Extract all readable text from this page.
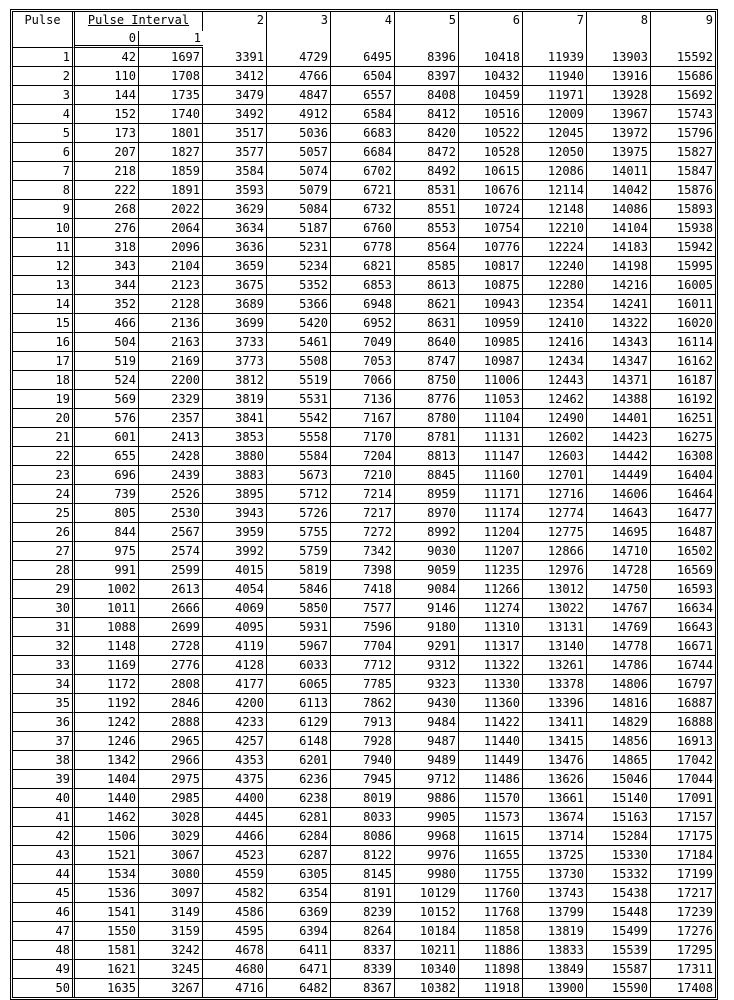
Pulse	Pulse Interval		2	3	4	5	6	7	8	9
	0	1								
1	42	1697	3391	4729	6495	8396	10418	11939	13903	15592
2	110	1708	3412	4766	6504	8397	10432	11940	13916	15686
3	144	1735	3479	4847	6557	8408	10459	11971	13928	15692
4	152	1740	3492	4912	6584	8412	10516	12009	13967	15743
5	173	1801	3517	5036	6683	8420	10522	12045	13972	15796
6	207	1827	3577	5057	6684	8472	10528	12050	13975	15827
7	218	1859	3584	5074	6702	8492	10615	12086	14011	15847
8	222	1891	3593	5079	6721	8531	10676	12114	14042	15876
9	268	2022	3629	5084	6732	8551	10724	12148	14086	15893
10	276	2064	3634	5187	6760	8553	10754	12210	14104	15938
11	318	2096	3636	5231	6778	8564	10776	12224	14183	15942
12	343	2104	3659	5234	6821	8585	10817	12240	14198	15995
13	344	2123	3675	5352	6853	8613	10875	12280	14216	16005
14	352	2128	3689	5366	6948	8621	10943	12354	14241	16011
15	466	2136	3699	5420	6952	8631	10959	12410	14322	16020
16	504	2163	3733	5461	7049	8640	10985	12416	14343	16114
17	519	2169	3773	5508	7053	8747	10987	12434	14347	16162
18	524	2200	3812	5519	7066	8750	11006	12443	14371	16187
19	569	2329	3819	5531	7136	8776	11053	12462	14388	16192
20	576	2357	3841	5542	7167	8780	11104	12490	14401	16251
21	601	2413	3853	5558	7170	8781	11131	12602	14423	16275
22	655	2428	3880	5584	7204	8813	11147	12603	14442	16308
23	696	2439	3883	5673	7210	8845	11160	12701	14449	16404
24	739	2526	3895	5712	7214	8959	11171	12716	14606	16464
25	805	2530	3943	5726	7217	8970	11174	12774	14643	16477
26	844	2567	3959	5755	7272	8992	11204	12775	14695	16487
27	975	2574	3992	5759	7342	9030	11207	12866	14710	16502
28	991	2599	4015	5819	7398	9059	11235	12976	14728	16569
29	1002	2613	4054	5846	7418	9084	11266	13012	14750	16593
30	1011	2666	4069	5850	7577	9146	11274	13022	14767	16634
31	1088	2699	4095	5931	7596	9180	11310	13131	14769	16643
32	1148	2728	4119	5967	7704	9291	11317	13140	14778	16671
33	1169	2776	4128	6033	7712	9312	11322	13261	14786	16744
34	1172	2808	4177	6065	7785	9323	11330	13378	14806	16797
35	1192	2846	4200	6113	7862	9430	11360	13396	14816	16887
36	1242	2888	4233	6129	7913	9484	11422	13411	14829	16888
37	1246	2965	4257	6148	7928	9487	11440	13415	14856	16913
38	1342	2966	4353	6201	7940	9489	11449	13476	14865	17042
39	1404	2975	4375	6236	7945	9712	11486	13626	15046	17044
40	1440	2985	4400	6238	8019	9886	11570	13661	15140	17091
41	1462	3028	4445	6281	8033	9905	11573	13674	15163	17157
42	1506	3029	4466	6284	8086	9968	11615	13714	15284	17175
43	1521	3067	4523	6287	8122	9976	11655	13725	15330	17184
44	1534	3080	4559	6305	8145	9980	11755	13730	15332	17199
45	1536	3097	4582	6354	8191	10129	11760	13743	15438	17217
46	1541	3149	4586	6369	8239	10152	11768	13799	15448	17239
47	1550	3159	4595	6394	8264	10184	11858	13819	15499	17276
48	1581	3242	4678	6411	8337	10211	11886	13833	15539	17295
49	1621	3245	4680	6471	8339	10340	11898	13849	15587	17311
50	1635	3267	4716	6482	8367	10382	11918	13900	15590	17408
